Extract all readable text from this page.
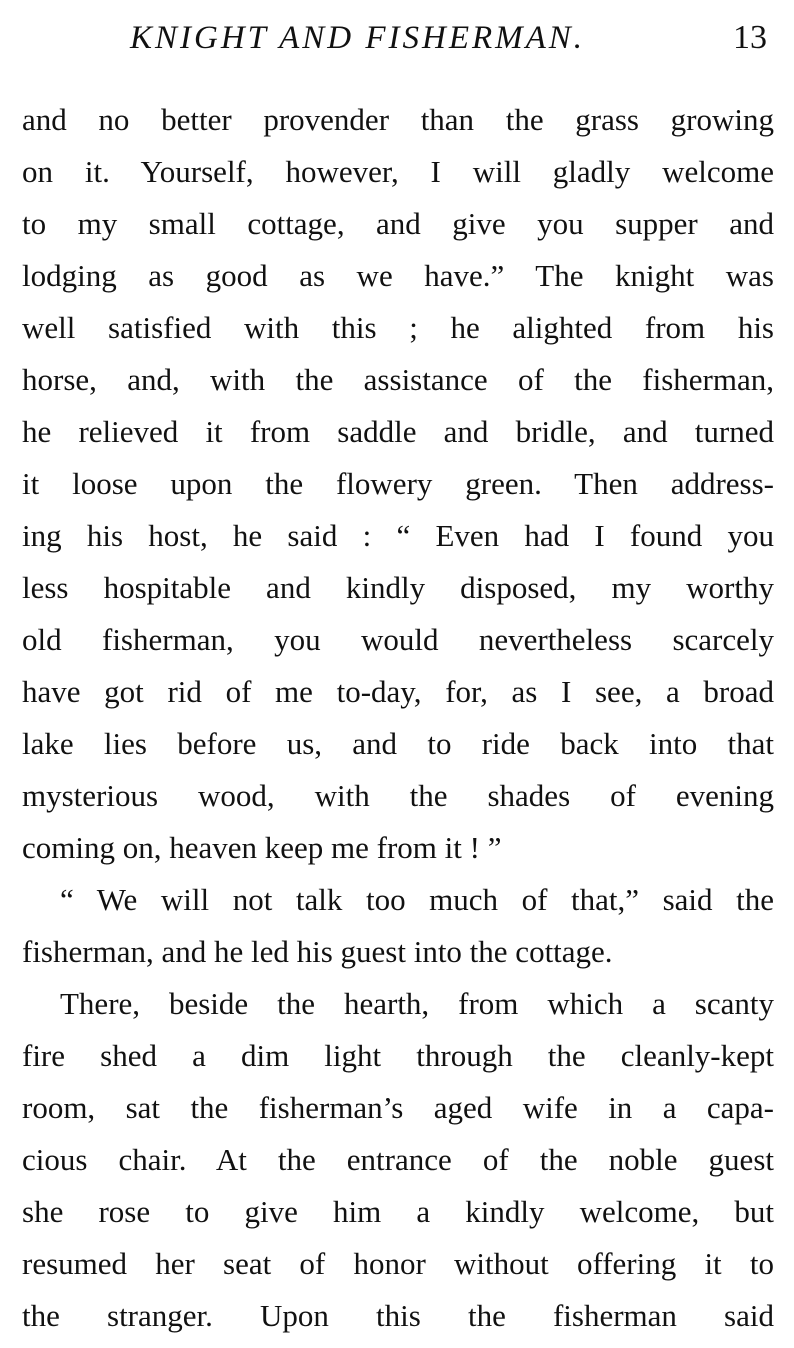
KNIGHT AND FISHERMAN.	13
and no better provender than the grass growing
on it. Yourself, however, I will gladly welcome
to my small cottage, and give you supper and
lodging as good as we have.” The knight was
well satisfied with this ; he alighted from his
horse, and, with the assistance of the fisherman,
he relieved it from saddle and bridle, and turned
it loose upon the flowery green. Then address-
ing his host, he said : “ Even had I found you
less hospitable and kindly disposed, my worthy
old fisherman, you would nevertheless scarcely
have got rid of me to-day, for, as I see, a broad
lake lies before us, and to ride back into that
mysterious wood, with the shades of evening
coming on, heaven keep me from it ! ”
“ We will not talk too much of that,” said the
fisherman, and he led his guest into the cottage.
There, beside the hearth, from which a scanty
fire shed a dim light through the cleanly-kept
room, sat the fisherman’s aged wife in a capa-
cious chair. At the entrance of the noble guest
she rose to give him a kindly welcome, but
resumed her seat of honor without offering it to
the stranger. Upon this the fisherman said
